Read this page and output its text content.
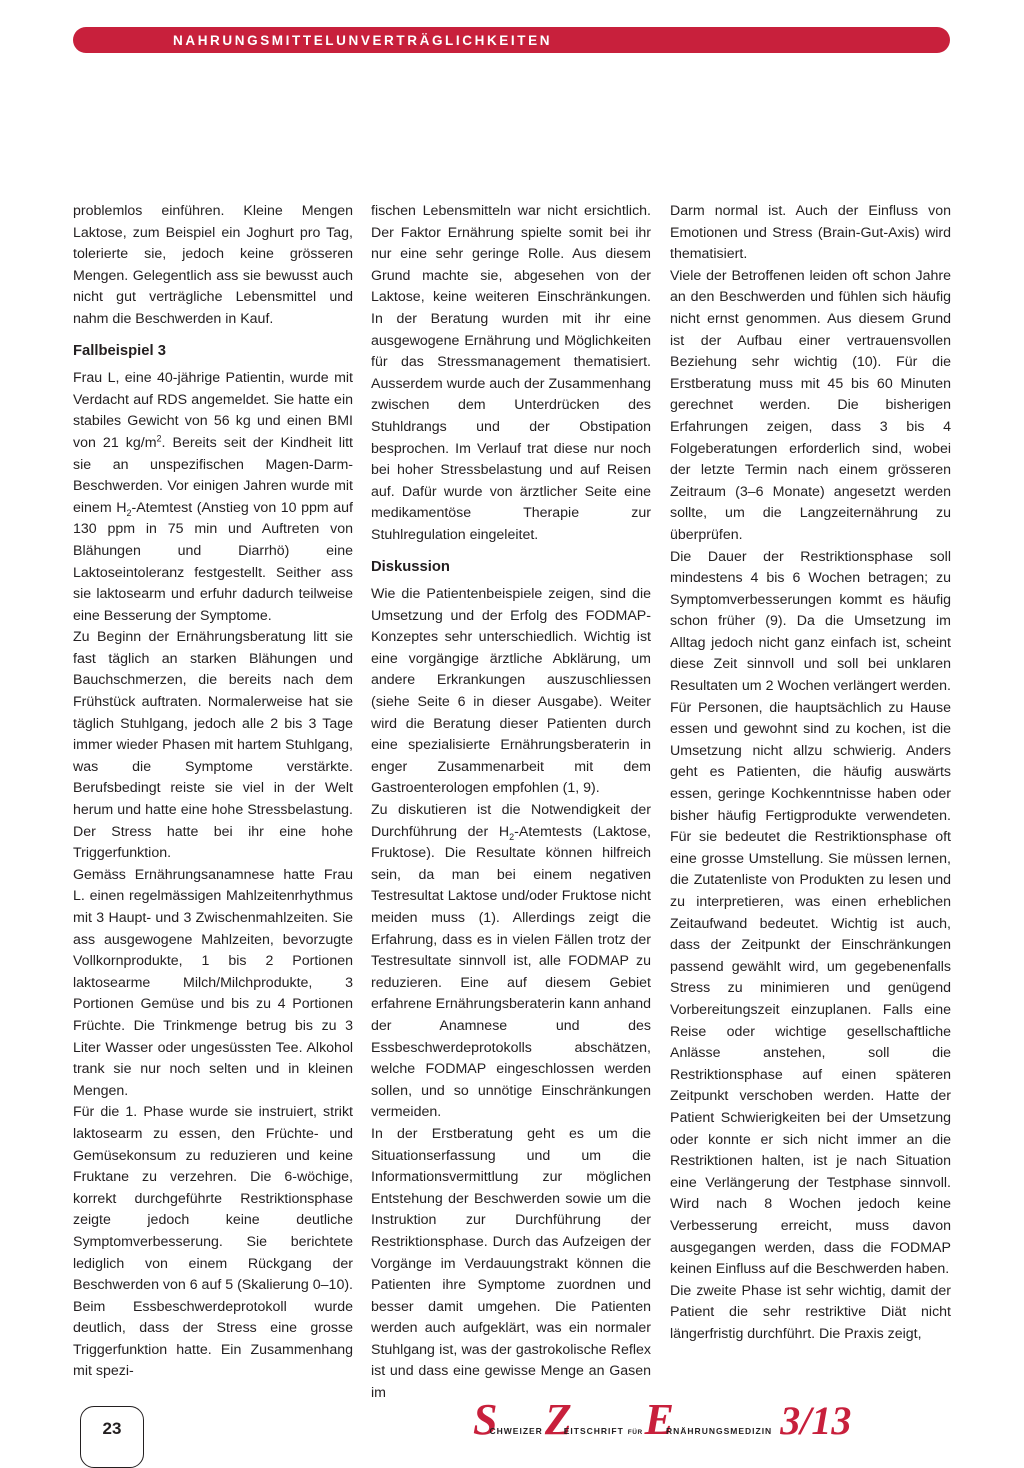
NAHRUNGSMITTELUNVERTRÄGLICHKEITEN

problemlos einführen. Kleine Mengen Laktose, zum Beispiel ein Joghurt pro Tag, tolerierte sie, jedoch keine grösseren Mengen. Gelegentlich ass sie bewusst auch nicht gut verträgliche Lebensmittel und nahm die Beschwerden in Kauf.

Fallbeispiel 3

Frau L, eine 40-jährige Patientin, wurde mit Verdacht auf RDS angemeldet. Sie hatte ein stabiles Gewicht von 56 kg und einen BMI von 21 $kg/m^2$. Bereits seit der Kindheit litt sie an unspezifischen Magen-Darm-Beschwerden. Vor einigen Jahren wurde mit einem $H_2$-Atemtest (Anstieg von 10 ppm auf 130 ppm in 75 min und Auftreten von Blähungen und Diarrhö) eine Laktoseintoleranz festgestellt. Seither ass sie laktosearm und erfuhr dadurch teilweise eine Besserung der Symptome.

Zu Beginn der Ernährungsberatung litt sie fast täglich an starken Blähungen und Bauchschmerzen, die bereits nach dem Frühstück auftraten. Normalerweise hat sie täglich Stuhlgang, jedoch alle 2 bis 3 Tage immer wieder Phasen mit hartem Stuhlgang, was die Symptome verstärkte. Berufsbedingt reiste sie viel in der Welt herum und hatte eine hohe Stressbelastung. Der Stress hatte bei ihr eine hohe Triggerfunktion.

Gemäss Ernährungsanamnese hatte Frau L. einen regelmässigen Mahlzeitenrhythmus mit 3 Haupt- und 3 Zwischenmahlzeiten. Sie ass ausgewogene Mahlzeiten, bevorzugte Vollkornprodukte, 1 bis 2 Portionen laktosearme Milch/Milchprodukte, 3 Portionen Gemüse und bis zu 4 Portionen Früchte. Die Trinkmenge betrug bis zu 3 Liter Wasser oder ungesüssten Tee. Alkohol trank sie nur noch selten und in kleinen Mengen.

Für die 1. Phase wurde sie instruiert, strikt laktosearm zu essen, den Früchte- und Gemüsekonsum zu reduzieren und keine Fruktane zu verzehren. Die 6-wöchige, korrekt durchgeführte Restriktionsphase zeigte jedoch keine deutliche Symptomverbesserung. Sie berichtete lediglich von einem Rückgang der Beschwerden von 6 auf 5 (Skalierung 0–10). Beim Essbeschwerdeprotokoll wurde deutlich, dass der Stress eine grosse Triggerfunktion hatte. Ein Zusammenhang mit spezi-

fischen Lebensmitteln war nicht ersichtlich. Der Faktor Ernährung spielte somit bei ihr nur eine sehr geringe Rolle. Aus diesem Grund machte sie, abgesehen von der Laktose, keine weiteren Einschränkungen. In der Beratung wurden mit ihr eine ausgewogene Ernährung und Möglichkeiten für das Stressmanagement thematisiert. Ausserdem wurde auch der Zusammenhang zwischen dem Unterdrücken des Stuhldrangs und der Obstipation besprochen. Im Verlauf trat diese nur noch bei hoher Stressbelastung und auf Reisen auf. Dafür wurde von ärztlicher Seite eine medikamentöse Therapie zur Stuhlregulation eingeleitet.

Diskussion

Wie die Patientenbeispiele zeigen, sind die Umsetzung und der Erfolg des FODMAP-Konzeptes sehr unterschiedlich. Wichtig ist eine vorgängige ärztliche Abklärung, um andere Erkrankungen auszuschliessen (siehe Seite 6 in dieser Ausgabe). Weiter wird die Beratung dieser Patienten durch eine spezialisierte Ernährungsberaterin in enger Zusammenarbeit mit dem Gastroenterologen empfohlen (1, 9).

Zu diskutieren ist die Notwendigkeit der Durchführung der $H_2$-Atemtests (Laktose, Fruktose). Die Resultate können hilfreich sein, da man bei einem negativen Testresultat Laktose und/oder Fruktose nicht meiden muss (1). Allerdings zeigt die Erfahrung, dass es in vielen Fällen trotz der Testresultate sinnvoll ist, alle FODMAP zu reduzieren. Eine auf diesem Gebiet erfahrene Ernährungsberaterin kann anhand der Anamnese und des Essbeschwerdeprotokolls abschätzen, welche FODMAP eingeschlossen werden sollen, und so unnötige Einschränkungen vermeiden.

In der Erstberatung geht es um die Situationserfassung und um die Informationsvermittlung zur möglichen Entstehung der Beschwerden sowie um die Instruktion zur Durchführung der Restriktionsphase. Durch das Aufzeigen der Vorgänge im Verdauungstrakt können die Patienten ihre Symptome zuordnen und besser damit umgehen. Die Patienten werden auch aufgeklärt, was ein normaler Stuhlgang ist, was der gastrokolische Reflex ist und dass eine gewisse Menge an Gasen im

Darm normal ist. Auch der Einfluss von Emotionen und Stress (Brain-Gut-Axis) wird thematisiert.

Viele der Betroffenen leiden oft schon Jahre an den Beschwerden und fühlen sich häufig nicht ernst genommen. Aus diesem Grund ist der Aufbau einer vertrauensvollen Beziehung sehr wichtig (10). Für die Erstberatung muss mit 45 bis 60 Minuten gerechnet werden. Die bisherigen Erfahrungen zeigen, dass 3 bis 4 Folgeberatungen erforderlich sind, wobei der letzte Termin nach einem grösseren Zeitraum (3–6 Monate) angesetzt werden sollte, um die Langzeiternährung zu überprüfen.

Die Dauer der Restriktionsphase soll mindestens 4 bis 6 Wochen betragen; zu Symptomverbesserungen kommt es häufig schon früher (9). Da die Umsetzung im Alltag jedoch nicht ganz einfach ist, scheint diese Zeit sinnvoll und soll bei unklaren Resultaten um 2 Wochen verlängert werden. Für Personen, die hauptsächlich zu Hause essen und gewohnt sind zu kochen, ist die Umsetzung nicht allzu schwierig. Anders geht es Patienten, die häufig auswärts essen, geringe Kochkenntnisse haben oder bisher häufig Fertigprodukte verwendeten. Für sie bedeutet die Restriktionsphase oft eine grosse Umstellung. Sie müssen lernen, die Zutatenliste von Produkten zu lesen und zu interpretieren, was einen erheblichen Zeitaufwand bedeutet. Wichtig ist auch, dass der Zeitpunkt der Einschränkungen passend gewählt wird, um gegebenenfalls Stress zu minimieren und genügend Vorbereitungszeit einzuplanen. Falls eine Reise oder wichtige gesellschaftliche Anlässe anstehen, soll die Restriktionsphase auf einen späteren Zeitpunkt verschoben werden. Hatte der Patient Schwierigkeiten bei der Umsetzung oder konnte er sich nicht immer an die Restriktionen halten, ist je nach Situation eine Verlängerung der Testphase sinnvoll. Wird nach 8 Wochen jedoch keine Verbesserung erreicht, muss davon ausgegangen werden, dass die FODMAP keinen Einfluss auf die Beschwerden haben.

Die zweite Phase ist sehr wichtig, damit der Patient die sehr restriktive Diät nicht längerfristig durchführt. Die Praxis zeigt,

23	SCHWEIZERZEITSCHRIFT FÜRERNÄHRUNGSMEDIZIN 3/13
